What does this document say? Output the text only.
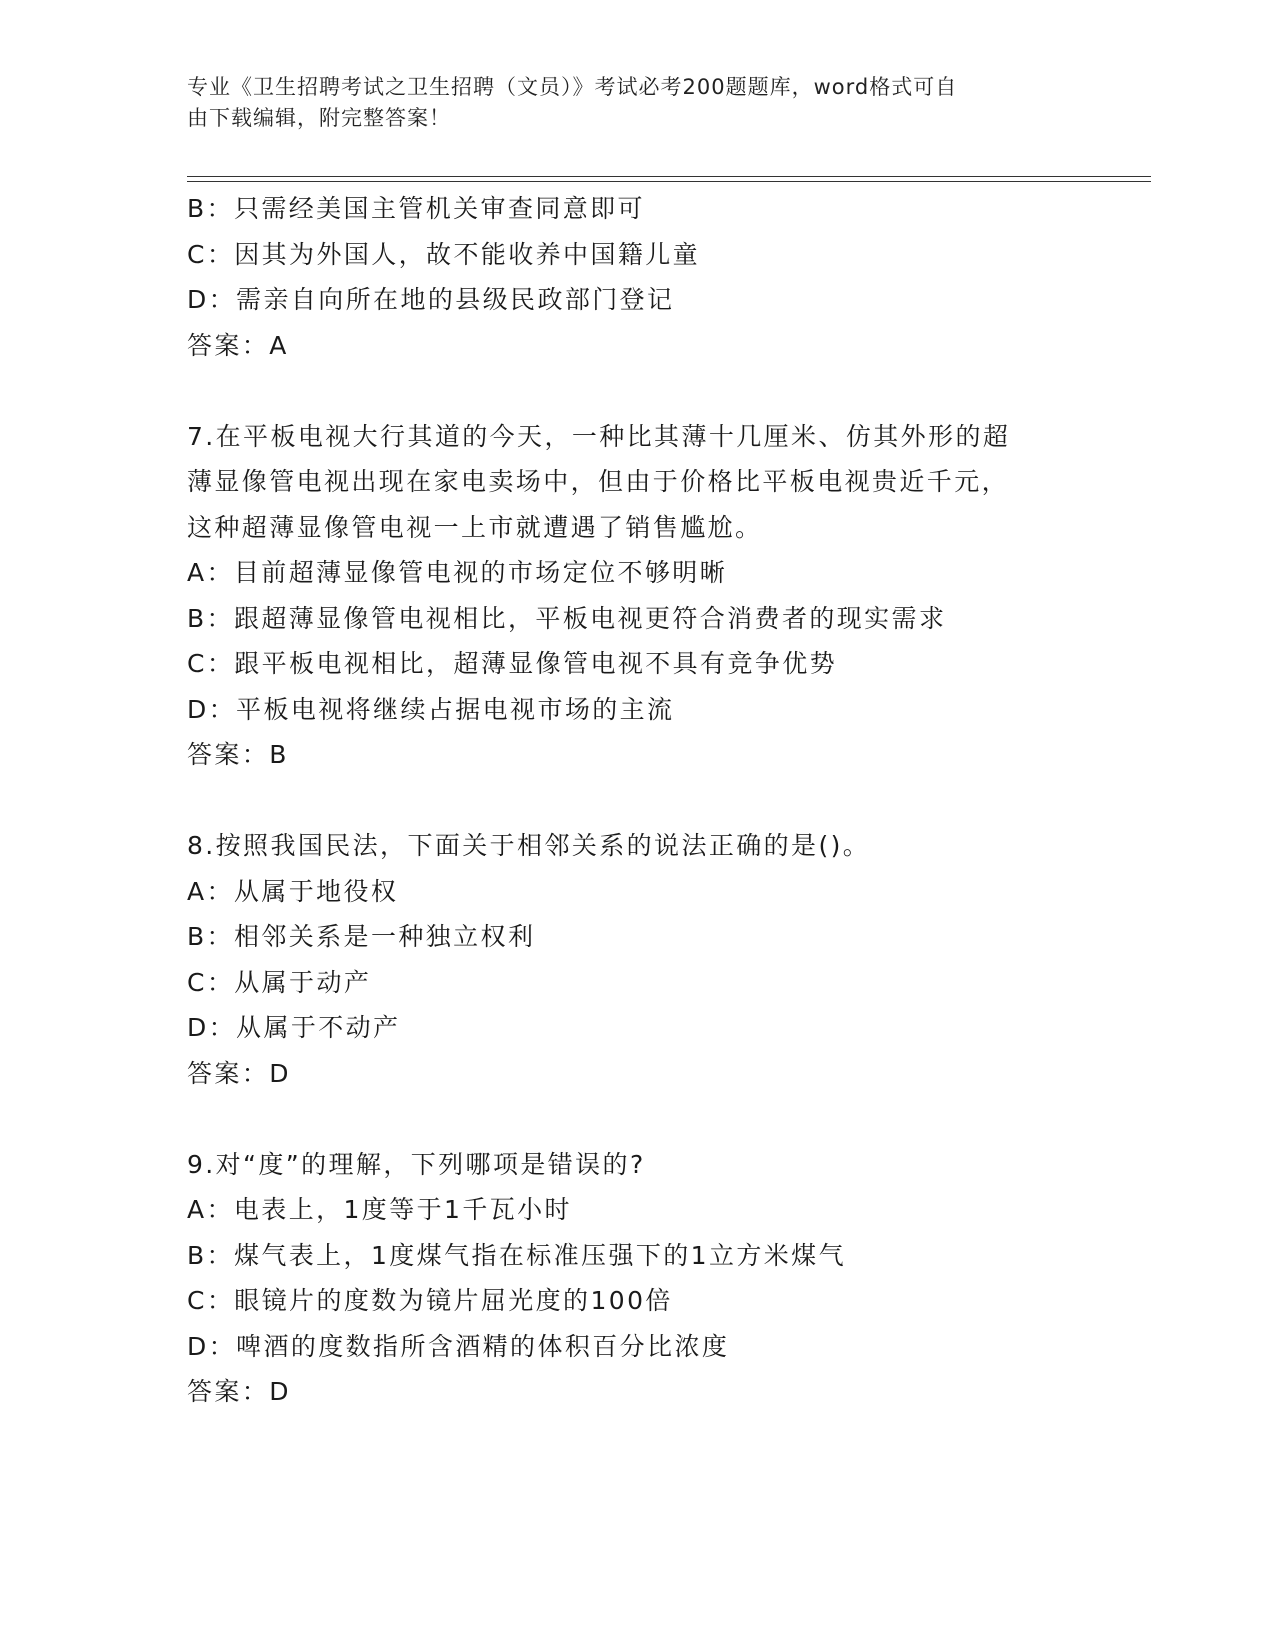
专业《卫生招聘考试之卫生招聘（文员）》考试必考200题题库，word格式可自
由下载编辑，附完整答案！
B：只需经美国主管机关审查同意即可
C：因其为外国人，故不能收养中国籍儿童
D：需亲自向所在地的县级民政部门登记
答案：A
7.在平板电视大行其道的今天，一种比其薄十几厘米、仿其外形的超
薄显像管电视出现在家电卖场中，但由于价格比平板电视贵近千元，
这种超薄显像管电视一上市就遭遇了销售尴尬。
A：目前超薄显像管电视的市场定位不够明晰
B：跟超薄显像管电视相比，平板电视更符合消费者的现实需求
C：跟平板电视相比，超薄显像管电视不具有竞争优势
D：平板电视将继续占据电视市场的主流
答案：B
8.按照我国民法，下面关于相邻关系的说法正确的是()。
A：从属于地役权
B：相邻关系是一种独立权利
C：从属于动产
D：从属于不动产
答案：D
9.对“度”的理解，下列哪项是错误的?
A：电表上，1度等于1千瓦小时
B：煤气表上，1度煤气指在标准压强下的1立方米煤气
C：眼镜片的度数为镜片屈光度的100倍
D：啤酒的度数指所含酒精的体积百分比浓度
答案：D
